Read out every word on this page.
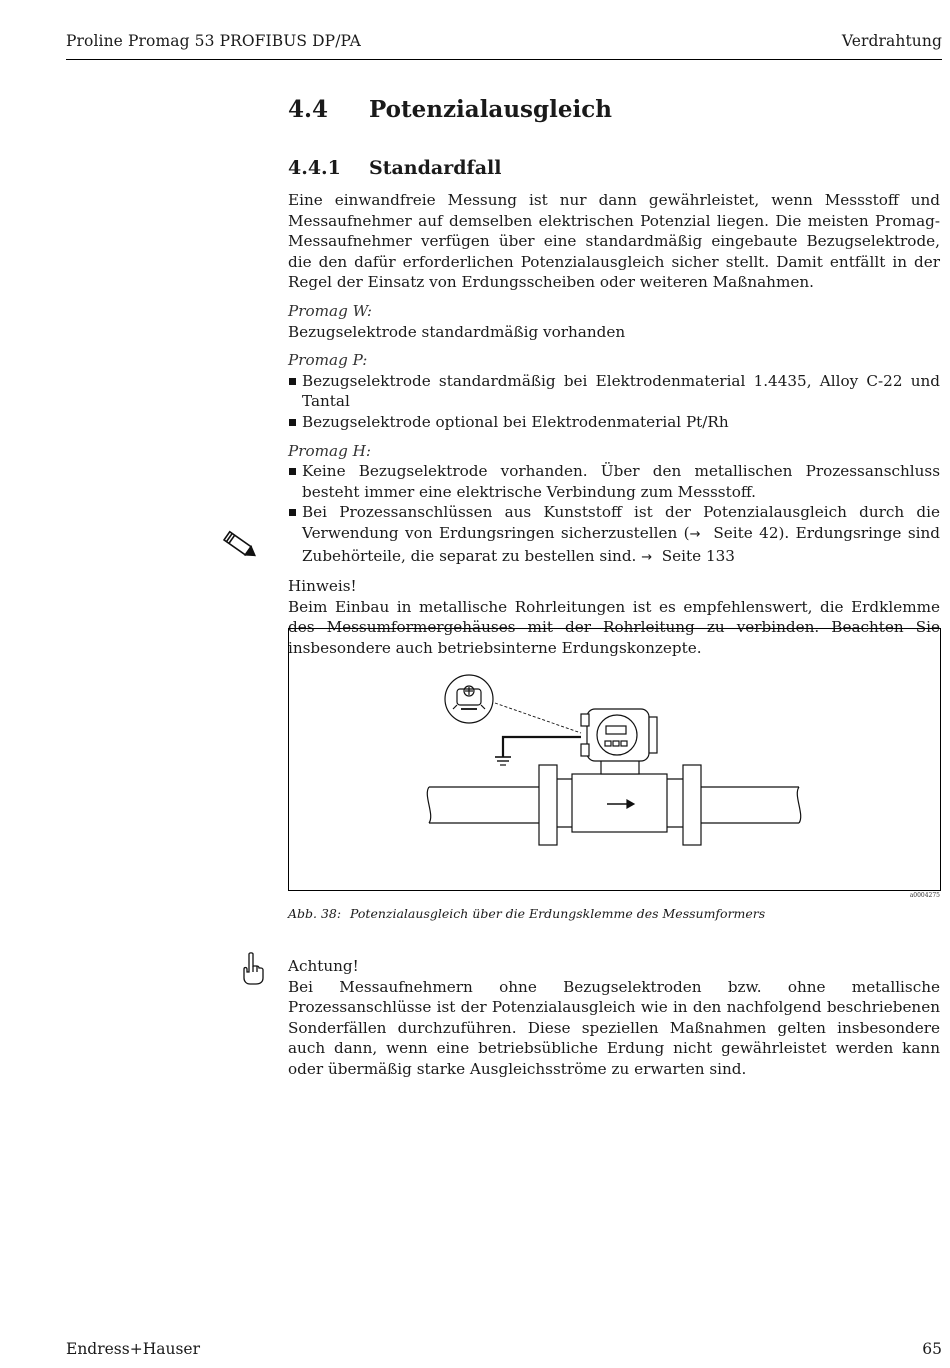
Proline Promag 53 PROFIBUS DP/PA	Verdrahtung
4.4	Potenzialausgleich
4.4.1	Standardfall

Eine einwandfreie Messung ist nur dann gewährleistet, wenn Messstoff und Messaufnehmer auf demselben elektrischen Potenzial liegen. Die meisten Promag-Messaufnehmer verfügen über eine standardmäßig eingebaute Bezugselektrode, die den dafür erforderlichen Potenzialausgleich sicher stellt. Damit entfällt in der Regel der Einsatz von Erdungsscheiben oder weiteren Maßnahmen.

Promag W:

Bezugselektrode standardmäßig vorhanden

Promag P:

Bezugselektrode standardmäßig bei Elektrodenmaterial 1.4435, Alloy C-22 und Tantal
Bezugselektrode optional bei Elektrodenmaterial Pt/Rh

Promag H:

Keine Bezugselektrode vorhanden. Über den metallischen Prozessanschluss besteht immer eine elektrische Verbindung zum Messstoff.
Bei Prozessanschlüssen aus Kunststoff ist der Potenzialausgleich durch die Verwendung von Erdungsringen sicherzustellen (→ Seite 42). Erdungsringe sind Zubehörteile, die separat zu bestellen sind. → Seite 133

Hinweis!

Beim Einbau in metallische Rohrleitungen ist es empfehlenswert, die Erdklemme des Messumformergehäuses mit der Rohrleitung zu verbinden. Beachten Sie insbesondere auch betriebsinterne Erdungskonzepte.

a0004275
Abb. 38: Potenzialausgleich über die Erdungsklemme des Messumformers

Achtung!

Bei Messaufnehmern ohne Bezugselektroden bzw. ohne metallische Prozessanschlüsse ist der Potenzialausgleich wie in den nachfolgend beschriebenen Sonderfällen durchzuführen. Diese speziellen Maßnahmen gelten insbesondere auch dann, wenn eine betriebsübliche Erdung nicht gewährleistet werden kann oder übermäßig starke Ausgleichsströme zu erwarten sind.

Endress+Hauser	65
